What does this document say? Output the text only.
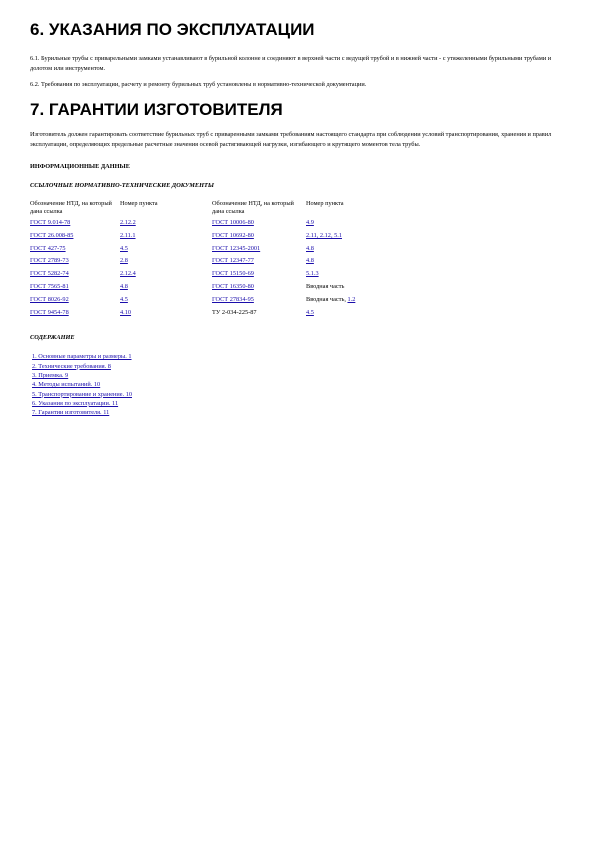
6. УКАЗАНИЯ ПО ЭКСПЛУАТАЦИИ

6.1. Бурильные трубы с приварельными замками устанавливают в бурильной колонне и соединяют в верхней части с ведущей трубой и в нижней части - с утяжеленными бурильными трубами и долотом или инструментом.

6.2. Требования по эксплуатации, расчету и ремонту бурильных труб установлены в нормативно-технической документации.

7. ГАРАНТИИ ИЗГОТОВИТЕЛЯ

Изготовитель должен гарантировать соответствие бурильных труб с приваренными замками требованиям настоящего стандарта при соблюдении условий транспортирования, хранения и правил эксплуатации, определяющих предельные расчетные значения осевой растягивающей нагрузки, изгибающего и крутящего моментов тела трубы.

ИНФОРМАЦИОННЫЕ ДАННЫЕ
ССЫЛОЧНЫЕ НОРМАТИВНО-ТЕХНИЧЕСКИЕ ДОКУМЕНТЫ
Обозначение НТД, на который дана ссылка	Номер пункта	Обозначение НТД, на который дана ссылка	Номер пункта
ГОСТ 9.014-78	2.12.2	ГОСТ 10006-80	4.9
ГОСТ 26.008-85	2.11.1	ГОСТ 10692-80	2.11, 2.12, 5.1
ГОСТ 427-75	4.5	ГОСТ 12345-2001	4.8
ГОСТ 2789-73	2.8	ГОСТ 12347-77	4.8
ГОСТ 5282-74	2.12.4	ГОСТ 15150-69	5.1.3
ГОСТ 7565-81	4.8	ГОСТ 16350-80	Вводная часть
ГОСТ 8026-92	4.5	ГОСТ 27834-95	Вводная часть, 1.2
ГОСТ 9454-78	4.10	ТУ 2-034-225-87	4.5
СОДЕРЖАНИЕ
1. Основные параметры и размеры. 1
2. Технические требования. 8
3. Приемка. 9
4. Методы испытаний. 10
5. Транспортирование и хранение. 10
6. Указания по эксплуатации. 11
7. Гарантии изготовителя. 11
